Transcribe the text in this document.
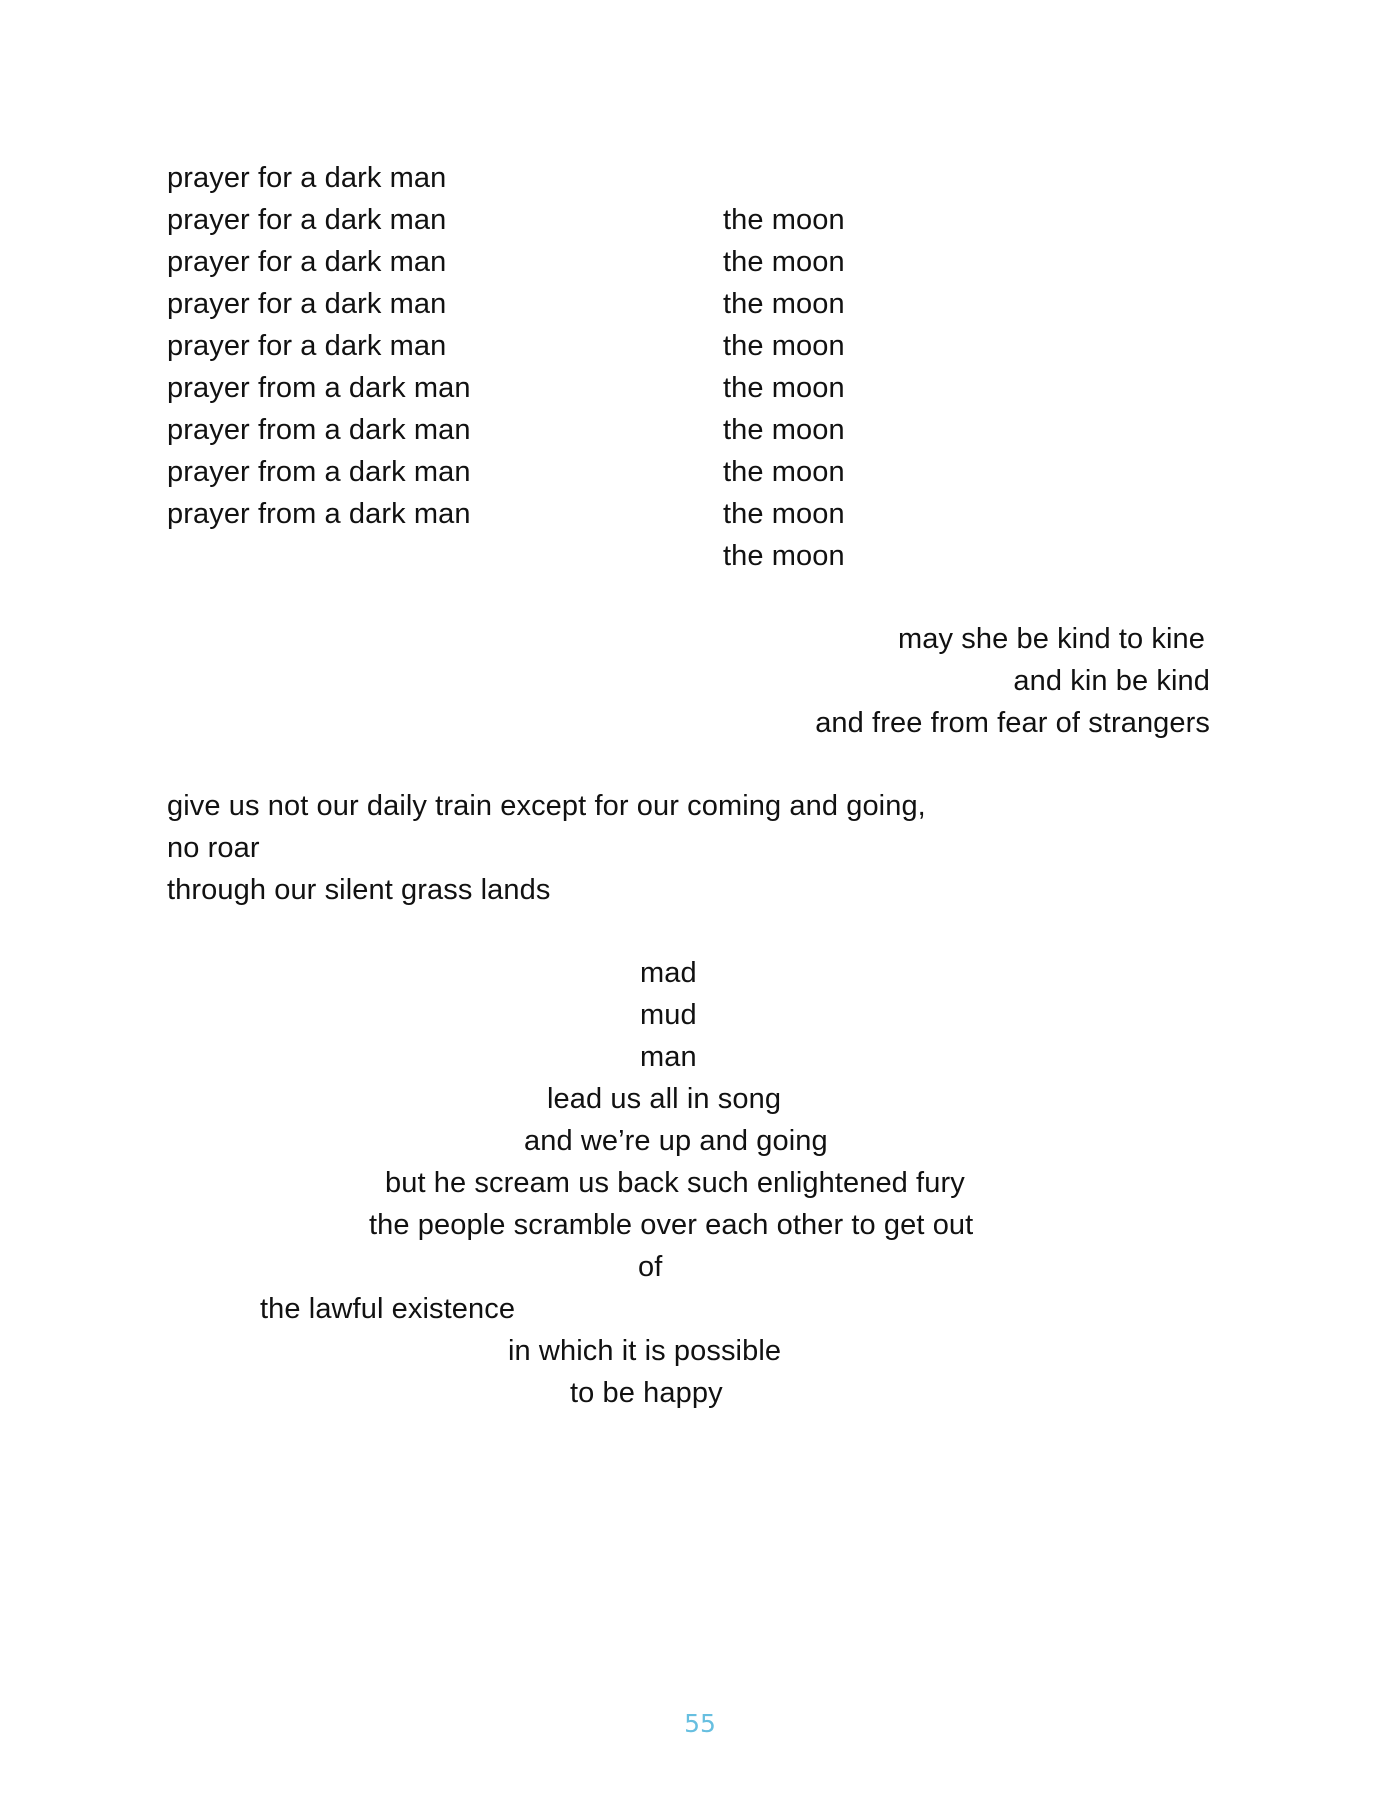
prayer for a dark man
prayer for a dark man
prayer for a dark man
prayer for a dark man
prayer for a dark man
prayer from a dark man
prayer from a dark man
prayer from a dark man
prayer from a dark man
the moon
the moon
the moon
the moon
the moon
the moon
the moon
the moon
the moon
may she be kind to kine
and kin be kind
and free from fear of strangers
give us not our daily train except for our coming and going,
no roar
through our silent grass lands
mad
mud
man
lead us all in song
and we’re up and going
but he scream us back such enlightened fury
the people scramble over each other to get out
of
the lawful existence
in which it is possible
to be happy
55
